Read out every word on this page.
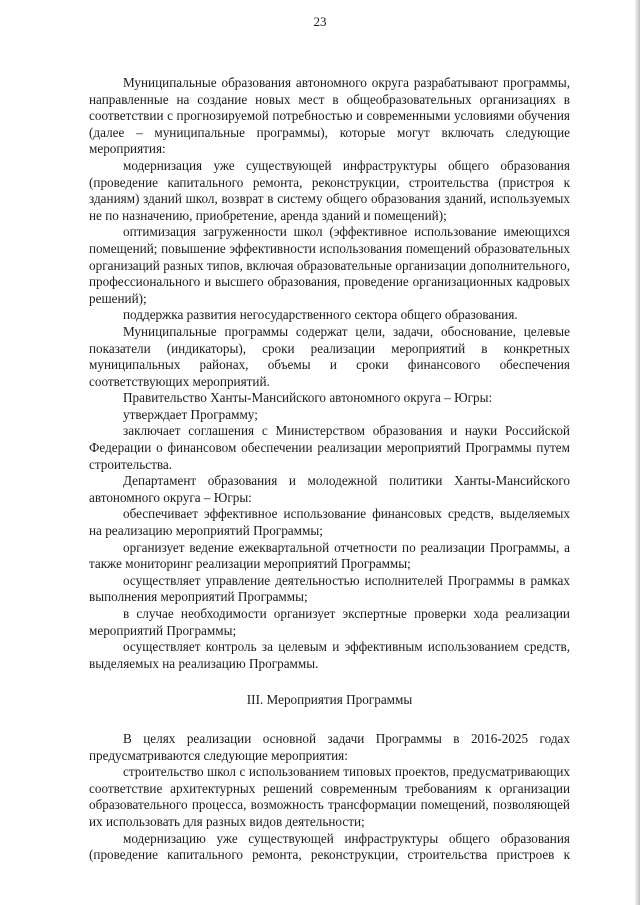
23

Муниципальные образования автономного округа разрабатывают программы, направленные на создание новых мест в общеобразовательных организациях в соответствии с прогнозируемой потребностью и современными условиями обучения (далее – муниципальные программы), которые могут включать следующие мероприятия:

модернизация уже существующей инфраструктуры общего образования (проведение капитального ремонта, реконструкции, строительства (пристроя к зданиям) зданий школ, возврат в систему общего образования зданий, используемых не по назначению, приобретение, аренда зданий и помещений);

оптимизация загруженности школ (эффективное использование имеющихся помещений; повышение эффективности использования помещений образовательных организаций разных типов, включая образовательные организации дополнительного, профессионального и высшего образования, проведение организационных кадровых решений);

поддержка развития негосударственного сектора общего образования.

Муниципальные программы содержат цели, задачи, обоснование, целевые показатели (индикаторы), сроки реализации мероприятий в конкретных муниципальных районах, объемы и сроки финансового обеспечения соответствующих мероприятий.

Правительство Ханты-Мансийского автономного округа – Югры:

утверждает Программу;

заключает соглашения с Министерством образования и науки Российской Федерации о финансовом обеспечении реализации мероприятий Программы путем строительства.

Департамент образования и молодежной политики Ханты-Мансийского автономного округа – Югры:

обеспечивает эффективное использование финансовых средств, выделяемых на реализацию мероприятий Программы;

организует ведение ежеквартальной отчетности по реализации Программы, а также мониторинг реализации мероприятий Программы;

осуществляет управление деятельностью исполнителей Программы в рамках выполнения мероприятий Программы;

в случае необходимости организует экспертные проверки хода реализации мероприятий Программы;

осуществляет контроль за целевым и эффективным использованием средств, выделяемых на реализацию Программы.

III. Мероприятия Программы

В целях реализации основной задачи Программы в 2016-2025 годах предусматриваются следующие мероприятия:

строительство школ с использованием типовых проектов, предусматривающих соответствие архитектурных решений современным требованиям к организации образовательного процесса, возможность трансформации помещений, позволяющей их использовать для разных видов деятельности;

модернизацию уже существующей инфраструктуры общего образования (проведение капитального ремонта, реконструкции, строительства пристроев к
